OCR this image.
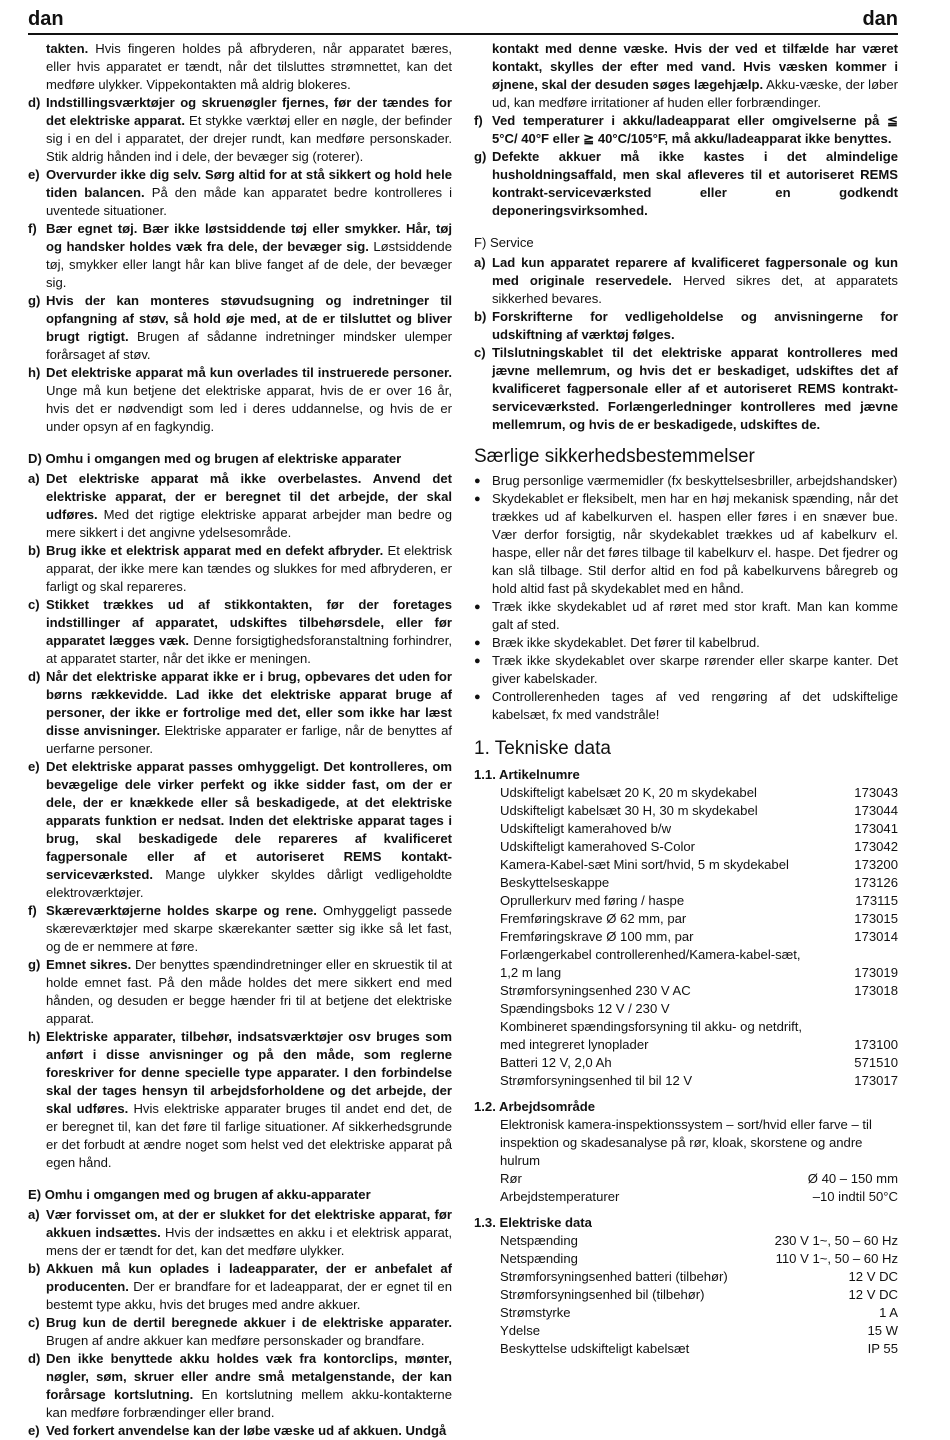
dan	dan
takten. Hvis fingeren holdes på afbryderen, når apparatet bæres, eller hvis apparatet er tændt, når det tilsluttes strømnettet, kan det medføre ulykker. Vippekontakten må aldrig blokeres.
d) Indstillingsværktøjer og skruenøgler fjernes, før der tændes for det elektriske apparat. Et stykke værktøj eller en nøgle, der befinder sig i en del i apparatet, der drejer rundt, kan medføre personskader. Stik aldrig hånden ind i dele, der bevæger sig (roterer).
e) Overvurder ikke dig selv. Sørg altid for at stå sikkert og hold hele tiden balancen. På den måde kan apparatet bedre kontrolleres i uventede situationer.
f) Bær egnet tøj. Bær ikke løstsiddende tøj eller smykker. Hår, tøj og handsker holdes væk fra dele, der bevæger sig. Løstsiddende tøj, smykker eller langt hår kan blive fanget af de dele, der bevæger sig.
g) Hvis der kan monteres støvudsugning og indretninger til opfangning af støv, så hold øje med, at de er tilsluttet og bliver brugt rigtigt. Brugen af sådanne indretninger mindsker ulemper forårsaget af støv.
h) Det elektriske apparat må kun overlades til instruerede personer. Unge må kun betjene det elektriske apparat, hvis de er over 16 år, hvis det er nødvendigt som led i deres uddannelse, og hvis de er under opsyn af en fagkyndig.
D) Omhu i omgangen med og brugen af elektriske apparater
a) Det elektriske apparat må ikke overbelastes. Anvend det elektriske apparat, der er beregnet til det arbejde, der skal udføres. Med det rigtige elektriske apparat arbejder man bedre og mere sikkert i det angivne ydelsesområde.
b) Brug ikke et elektrisk apparat med en defekt afbryder. Et elektrisk apparat, der ikke mere kan tændes og slukkes for med afbryderen, er farligt og skal repareres.
c) Stikket trækkes ud af stikkontakten, før der foretages indstillinger af apparatet, udskiftes tilbehørsdele, eller før apparatet lægges væk. Denne forsigtighedsforanstaltning forhindrer, at apparatet starter, når det ikke er meningen.
d) Når det elektriske apparat ikke er i brug, opbevares det uden for børns rækkevidde. Lad ikke det elektriske apparat bruge af personer, der ikke er fortrolige med det, eller som ikke har læst disse anvisninger. Elektriske apparater er farlige, når de benyttes af uerfarne personer.
e) Det elektriske apparat passes omhyggeligt. Det kontrolleres, om bevægelige dele virker perfekt og ikke sidder fast, om der er dele, der er knækkede eller så beskadigede, at det elektriske apparats funktion er nedsat. Inden det elektriske apparat tages i brug, skal beskadigede dele repareres af kvalificeret fagpersonale eller af et autoriseret REMS kontakt-serviceværksted. Mange ulykker skyldes dårligt vedligeholdte elektroværktøjer.
f) Skæreværktøjerne holdes skarpe og rene. Omhyggeligt passede skæreværktøjer med skarpe skærekanter sætter sig ikke så let fast, og de er nemmere at føre.
g) Emnet sikres. Der benyttes spændindretninger eller en skruestik til at holde emnet fast. På den måde holdes det mere sikkert end med hånden, og desuden er begge hænder fri til at betjene det elektriske apparat.
h) Elektriske apparater, tilbehør, indsatsværktøjer osv bruges som anført i disse anvisninger og på den måde, som reglerne foreskriver for denne specielle type apparater. I den forbindelse skal der tages hensyn til arbejdsforholdene og det arbejde, der skal udføres. Hvis elektriske apparater bruges til andet end det, de er beregnet til, kan det føre til farlige situationer. Af sikkerhedsgrunde er det forbudt at ændre noget som helst ved det elektriske apparat på egen hånd.
E) Omhu i omgangen med og brugen af akku-apparater
a) Vær forvisset om, at der er slukket for det elektriske apparat, før akkuen indsættes. Hvis der indsættes en akku i et elektrisk apparat, mens der er tændt for det, kan det medføre ulykker.
b) Akkuen må kun oplades i ladeapparater, der er anbefalet af producenten. Der er brandfare for et ladeapparat, der er egnet til en bestemt type akku, hvis det bruges med andre akkuer.
c) Brug kun de dertil beregnede akkuer i de elektriske apparater. Brugen af andre akkuer kan medføre personskader og brandfare.
d) Den ikke benyttede akku holdes væk fra kontorclips, mønter, nøgler, søm, skruer eller andre små metalgenstande, der kan forårsage kortslutning. En kortslutning mellem akku-kontakterne kan medføre forbrændinger eller brand.
e) Ved forkert anvendelse kan der løbe væske ud af akkuen. Undgå
kontakt med denne væske. Hvis der ved et tilfælde har været kontakt, skylles der efter med vand. Hvis væsken kommer i øjnene, skal der desuden søges lægehjælp. Akku-væske, der løber ud, kan medføre irritationer af huden eller forbrændinger.
f) Ved temperaturer i akku/ladeapparat eller omgivelserne på ≦ 5°C/ 40°F eller ≧ 40°C/105°F, må akku/ladeapparat ikke benyttes.
g) Defekte akkuer må ikke kastes i det almindelige husholdningsaffald, men skal afleveres til et autoriseret REMS kontrakt-serviceværksted eller en godkendt deponeringsvirksomhed.
F) Service
a) Lad kun apparatet reparere af kvalificeret fagpersonale og kun med originale reservedele. Herved sikres det, at apparatets sikkerhed bevares.
b) Forskrifterne for vedligeholdelse og anvisningerne for udskiftning af værktøj følges.
c) Tilslutningskablet til det elektriske apparat kontrolleres med jævne mellemrum, og hvis det er beskadiget, udskiftes det af kvalificeret fagpersonale eller af et autoriseret REMS kontrakt-serviceværksted. Forlængerledninger kontrolleres med jævne mellemrum, og hvis de er beskadigede, udskiftes de.
Særlige sikkerhedsbestemmelser
● Brug personlige værmemidler (fx beskyttelsesbriller, arbejdshandsker)
● Skydekablet er fleksibelt, men har en høj mekanisk spænding, når det trækkes ud af kabelkurven el. haspen eller føres i en snæver bue. Vær derfor forsigtig, når skydekablet trækkes ud af kabelkurv el. haspe, eller når det føres tilbage til kabelkurv el. haspe. Det fjedrer og kan slå tilbage. Stil derfor altid en fod på kabelkurvens båregreb og hold altid fast på skydekablet med en hånd.
● Træk ikke skydekablet ud af røret med stor kraft. Man kan komme galt af sted.
● Bræk ikke skydekablet. Det fører til kabelbrud.
● Træk ikke skydekablet over skarpe rørender eller skarpe kanter. Det giver kabelskader.
● Controllerenheden tages af ved rengøring af det udskiftelige kabelsæt, fx med vandstråle!
1. Tekniske data
1.1. Artikelnumre
Udskifteligt kabelsæt 20 K, 20 m skydekabel	173043
Udskifteligt kabelsæt 30 H, 30 m skydekabel	173044
Udskifteligt kamerahoved b/w	173041
Udskifteligt kamerahoved S-Color	173042
Kamera-Kabel-sæt Mini sort/hvid, 5 m skydekabel	173200
Beskyttelseskappe	173126
Oprullerkurv med føring / haspe	173115
Fremføringskrave Ø 62 mm, par	173015
Fremføringskrave Ø 100 mm, par	173014
Forlængerkabel controllerenhed/Kamera-kabel-sæt,
1,2 m lang	173019
Strømforsyningsenhed 230 V AC	173018
Spændingsboks 12 V / 230 V
Kombineret spændingsforsyning til akku- og netdrift,
med integreret lynoplader	173100
Batteri 12 V, 2,0 Ah	571510
Strømforsyningsenhed til bil 12 V	173017
1.2. Arbejdsområde
Elektronisk kamera-inspektionssystem – sort/hvid eller farve – til inspektion og skadesanalyse på rør, kloak, skorstene og andre hulrum
Rør	Ø 40 – 150 mm
Arbejdstemperaturer	–10 indtil 50°C
1.3. Elektriske data
Netspænding	230 V 1~, 50 – 60 Hz
Netspænding	110 V 1~, 50 – 60 Hz
Strømforsyningsenhed batteri (tilbehør)	12 V DC
Strømforsyningsenhed bil (tilbehør)	12 V DC
Strømstyrke	1 A
Ydelse	15 W
Beskyttelse udskifteligt kabelsæt	IP 55
